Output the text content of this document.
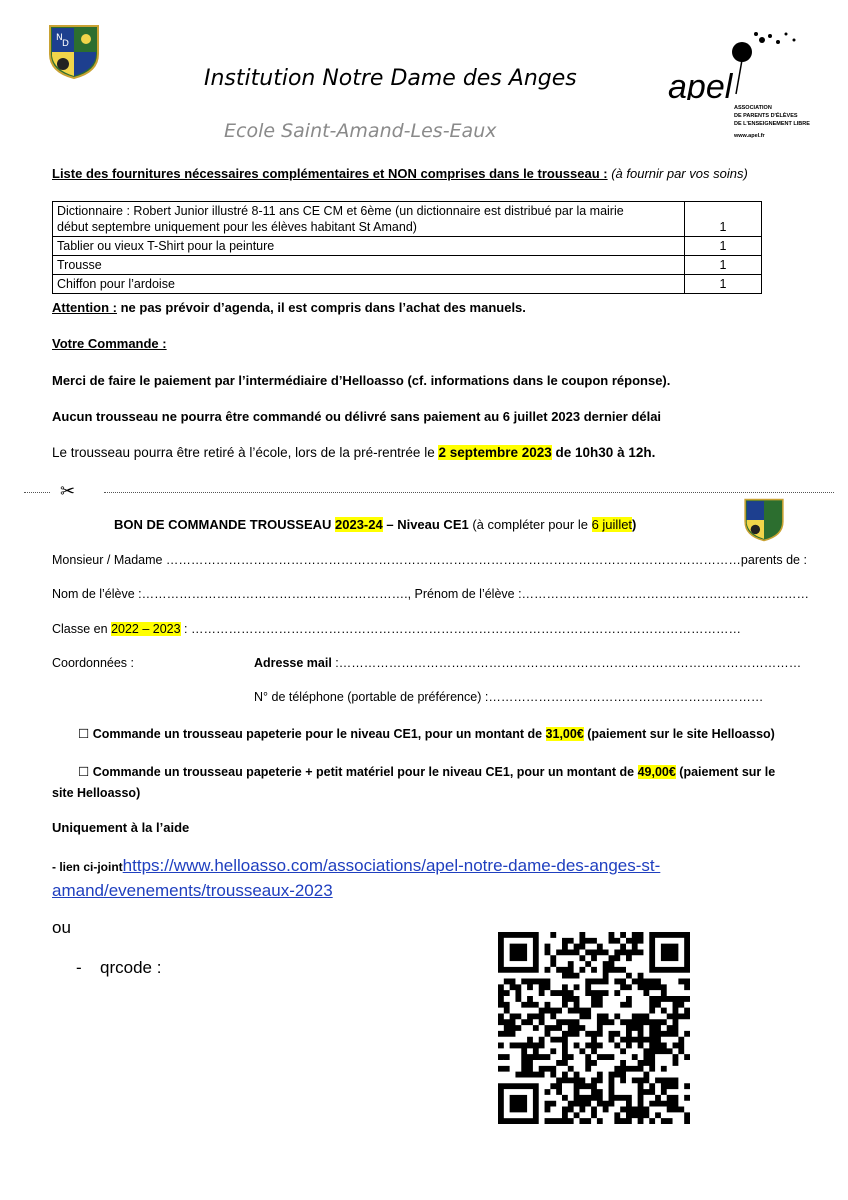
N
D
Institution Notre Dame des Anges
Ecole Saint-Amand-Les-Eaux
apel
ASSOCIATION
DE PARENTS D'ÉLÈVES
DE L'ENSEIGNEMENT LIBRE
www.apel.fr
Liste des fournitures nécessaires complémentaires et NON comprises dans le trousseau : (à fournir par vos soins)
Dictionnaire : Robert Junior illustré 8-11 ans CE CM et 6ème (un dictionnaire est distribué par la mairie
début septembre uniquement pour les élèves habitant St Amand)	1
Tablier ou vieux T-Shirt pour la peinture	1
Trousse	1
Chiffon pour l’ardoise	1
Attention : ne pas prévoir d’agenda, il est compris dans l’achat des manuels.
Votre Commande :
Merci de faire le paiement par l’intermédiaire d’Helloasso (cf. informations dans le coupon réponse).
Aucun trousseau ne pourra être commandé ou délivré sans paiement au 6 juillet 2023 dernier délai
Le trousseau pourra être retiré à l’école, lors de la pré-rentrée le 2 septembre 2023 de 10h30 à 12h.
✂
BON DE COMMANDE TROUSSEAU 2023-24 – Niveau CE1 (à compléter pour le 6 juillet)
Monsieur / Madame …………………………………………………………………………………………………………………………parents de :
Nom de l’élève :………………………………………………………., Prénom de l’élève :……………………………………………………………
Classe en 2022 – 2023 : ……………………………………………………………………………………………………………………
Coordonnées :	Adresse mail :…………………………………………………………………………………………………
N° de téléphone (portable de préférence) :…………………………………………………………
☐ Commande un trousseau papeterie pour le niveau CE1, pour un montant de 31,00€ (paiement sur le site Helloasso)
☐ Commande un trousseau papeterie + petit matériel pour le niveau CE1, pour un montant de 49,00€ (paiement sur le
site Helloasso)
Uniquement à la l’aide
- lien ci-jointhttps://www.helloasso.com/associations/apel-notre-dame-des-anges-st-
amand/evenements/trousseaux-2023
ou
- qrcode :
